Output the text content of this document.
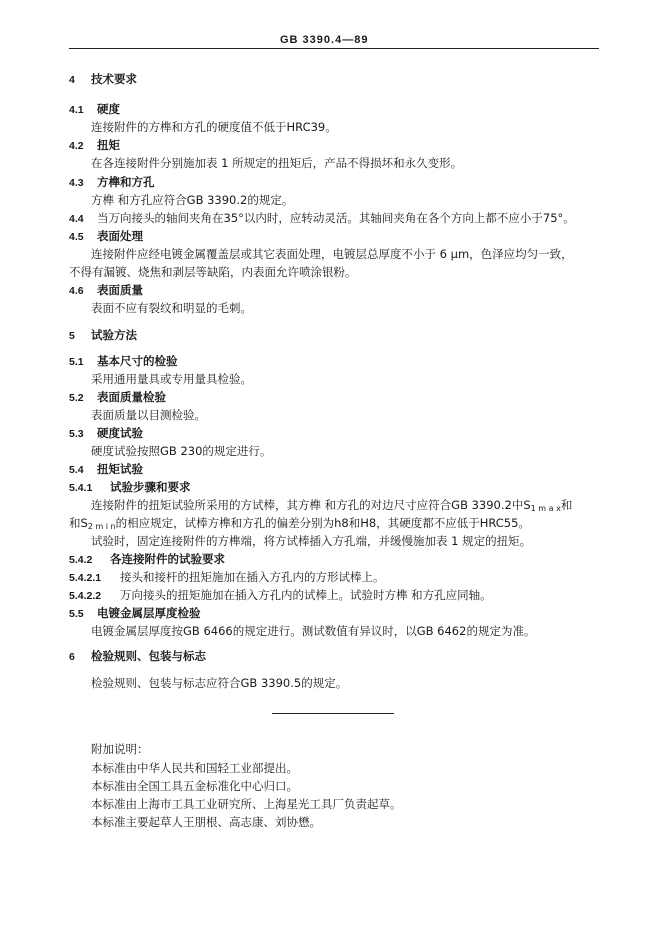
GB 3390.4—89
4 技术要求
4.1 硬度
连接附件的方榫和方孔的硬度值不低于HRC39。
4.2 扭矩
在各连接附件分别施加表 1 所规定的扭矩后，产品不得损坏和永久变形。
4.3 方榫和方孔
方榫 和方孔应符合GB 3390.2的规定。
4.4 当万向接头的轴间夹角在35°以内时，应转动灵活。其轴间夹角在各个方向上都不应小于75°。
4.5 表面处理
连接附件应经电镀金属覆盖层或其它表面处理，电镀层总厚度不小于 6 μm，色泽应均匀一致，
不得有漏镀、烧焦和剥层等缺陷，内表面允许喷涂银粉。
4.6 表面质量
表面不应有裂纹和明显的毛刺。
5 试验方法
5.1 基本尺寸的检验
采用通用量具或专用量具检验。
5.2 表面质量检验
表面质量以目测检验。
5.3 硬度试验
硬度试验按照GB 230的规定进行。
5.4 扭矩试验
5.4.1 试验步骤和要求
连接附件的扭矩试验所采用的方试棒，其方榫 和方孔的对边尺寸应符合GB 3390.2中$S_{1 m a x}$和
和$S_{2 m i n}$的相应规定，试棒方榫和方孔的偏差分别为h8和H8，其硬度都不应低于HRC55。
试验时，固定连接附件的方榫端，将方试棒插入方孔端，并缓慢施加表 1 规定的扭矩。
5.4.2 各连接附件的试验要求
5.4.2.1 接头和接杆的扭矩施加在插入方孔内的方形试棒上。
5.4.2.2 万向接头的扭矩施加在插入方孔内的试棒上。试验时方榫 和方孔应同轴。
5.5 电镀金属层厚度检验
电镀金属层厚度按GB 6466的规定进行。测试数值有异议时，以GB 6462的规定为准。
6 检验规则、包装与标志
检验规则、包装与标志应符合GB 3390.5的规定。
附加说明：
本标准由中华人民共和国轻工业部提出。
本标准由全国工具五金标准化中心归口。
本标准由上海市工具工业研究所、上海星光工具厂负责起草。
本标准主要起草人王朋根、高志康、刘协懋。
